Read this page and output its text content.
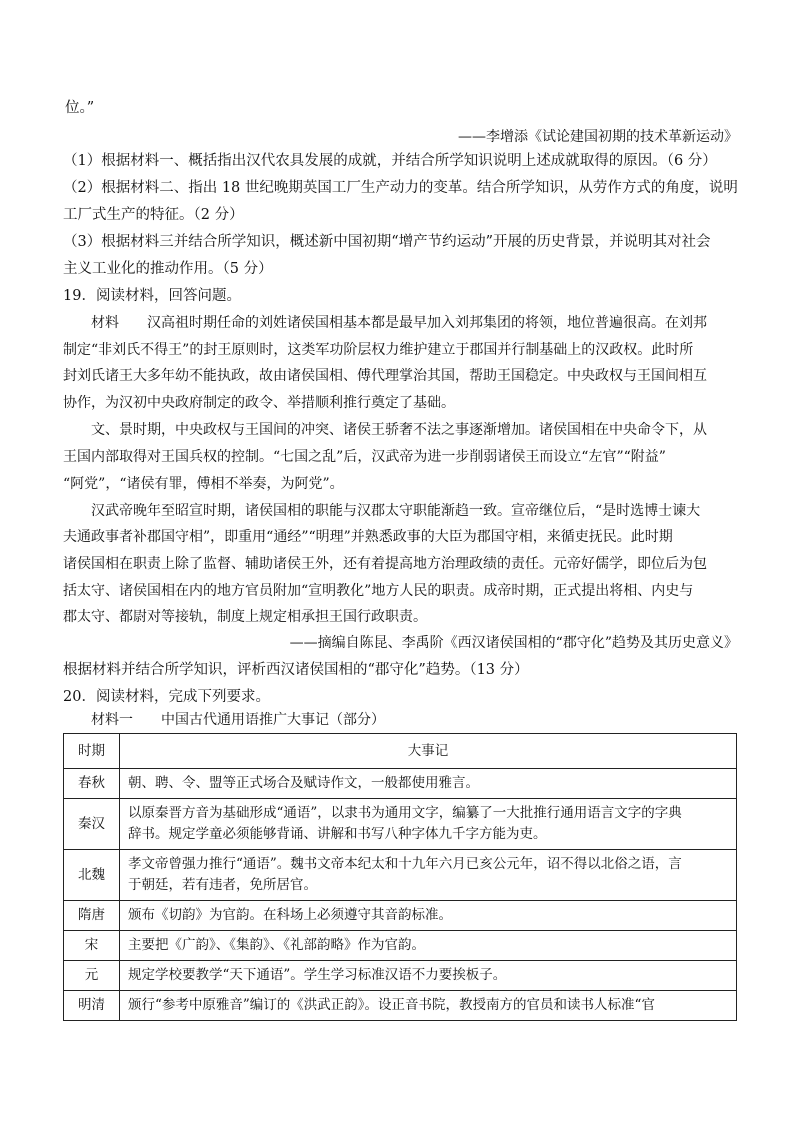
位。”
——李增添《试论建国初期的技术革新运动》
（1）根据材料一、概括指出汉代农具发展的成就，并结合所学知识说明上述成就取得的原因。（6 分）
（2）根据材料二、指出 18 世纪晚期英国工厂生产动力的变革。结合所学知识，从劳作方式的角度，说明
工厂式生产的特征。（2 分）
（3）根据材料三并结合所学知识，概述新中国初期“增产节约运动”开展的历史背景，并说明其对社会
主义工业化的推动作用。（5 分）
19．阅读材料，回答问题。
材料　　汉高祖时期任命的刘姓诸侯国相基本都是最早加入刘邦集团的将领，地位普遍很高。在刘邦
制定“非刘氏不得王”的封王原则时，这类军功阶层权力维护建立于郡国并行制基础上的汉政权。此时所
封刘氏诸王大多年幼不能执政，故由诸侯国相、傅代理掌治其国，帮助王国稳定。中央政权与王国间相互
协作，为汉初中央政府制定的政令、举措顺利推行奠定了基础。
文、景时期，中央政权与王国间的冲突、诸侯王骄奢不法之事逐渐增加。诸侯国相在中央命令下，从
王国内部取得对王国兵权的控制。“七国之乱”后，汉武帝为进一步削弱诸侯王而设立“左官”“附益”
“阿党”，“诸侯有罪，傅相不举奏，为阿党”。
汉武帝晚年至昭宣时期，诸侯国相的职能与汉郡太守职能渐趋一致。宣帝继位后，“是时选博士谏大
夫通政事者补郡国守相”，即重用“通经”“明理”并熟悉政事的大臣为郡国守相，来循吏抚民。此时期
诸侯国相在职责上除了监督、辅助诸侯王外，还有着提高地方治理政绩的责任。元帝好儒学，即位后为包
括太守、诸侯国相在内的地方官员附加“宣明教化”地方人民的职责。成帝时期，正式提出将相、内史与
郡太守、都尉对等接轨，制度上规定相承担王国行政职责。
——摘编自陈昆、李禹阶《西汉诸侯国相的“郡守化”趋势及其历史意义》
根据材料并结合所学知识，评析西汉诸侯国相的“郡守化”趋势。（13 分）
20．阅读材料，完成下列要求。
材料一　　中国古代通用语推广大事记（部分）
时期	大事记
春秋	朝、聘、令、盟等正式场合及赋诗作文，一般都使用雅言。

秦汉	以原秦晋方音为基础形成“通语”，以隶书为通用文字，编纂了一大批推行通用语言文字的字典
辞书。规定学童必须能够背诵、讲解和书写八种字体九千字方能为吏。

北魏	孝文帝曾强力推行“通语”。魏书文帝本纪太和十九年六月已亥公元年，诏不得以北俗之语，言
于朝廷，若有违者，免所居官。

隋唐	颁布《切韵》为官韵。在科场上必须遵守其音韵标准。

宋	主要把《广韵》、《集韵》、《礼部韵略》作为官韵。

元	规定学校要教学“天下通语”。学生学习标准汉语不力要挨板子。

明清	颁行“参考中原雅音”编订的《洪武正韵》。设正音书院，教授南方的官员和读书人标准“官
